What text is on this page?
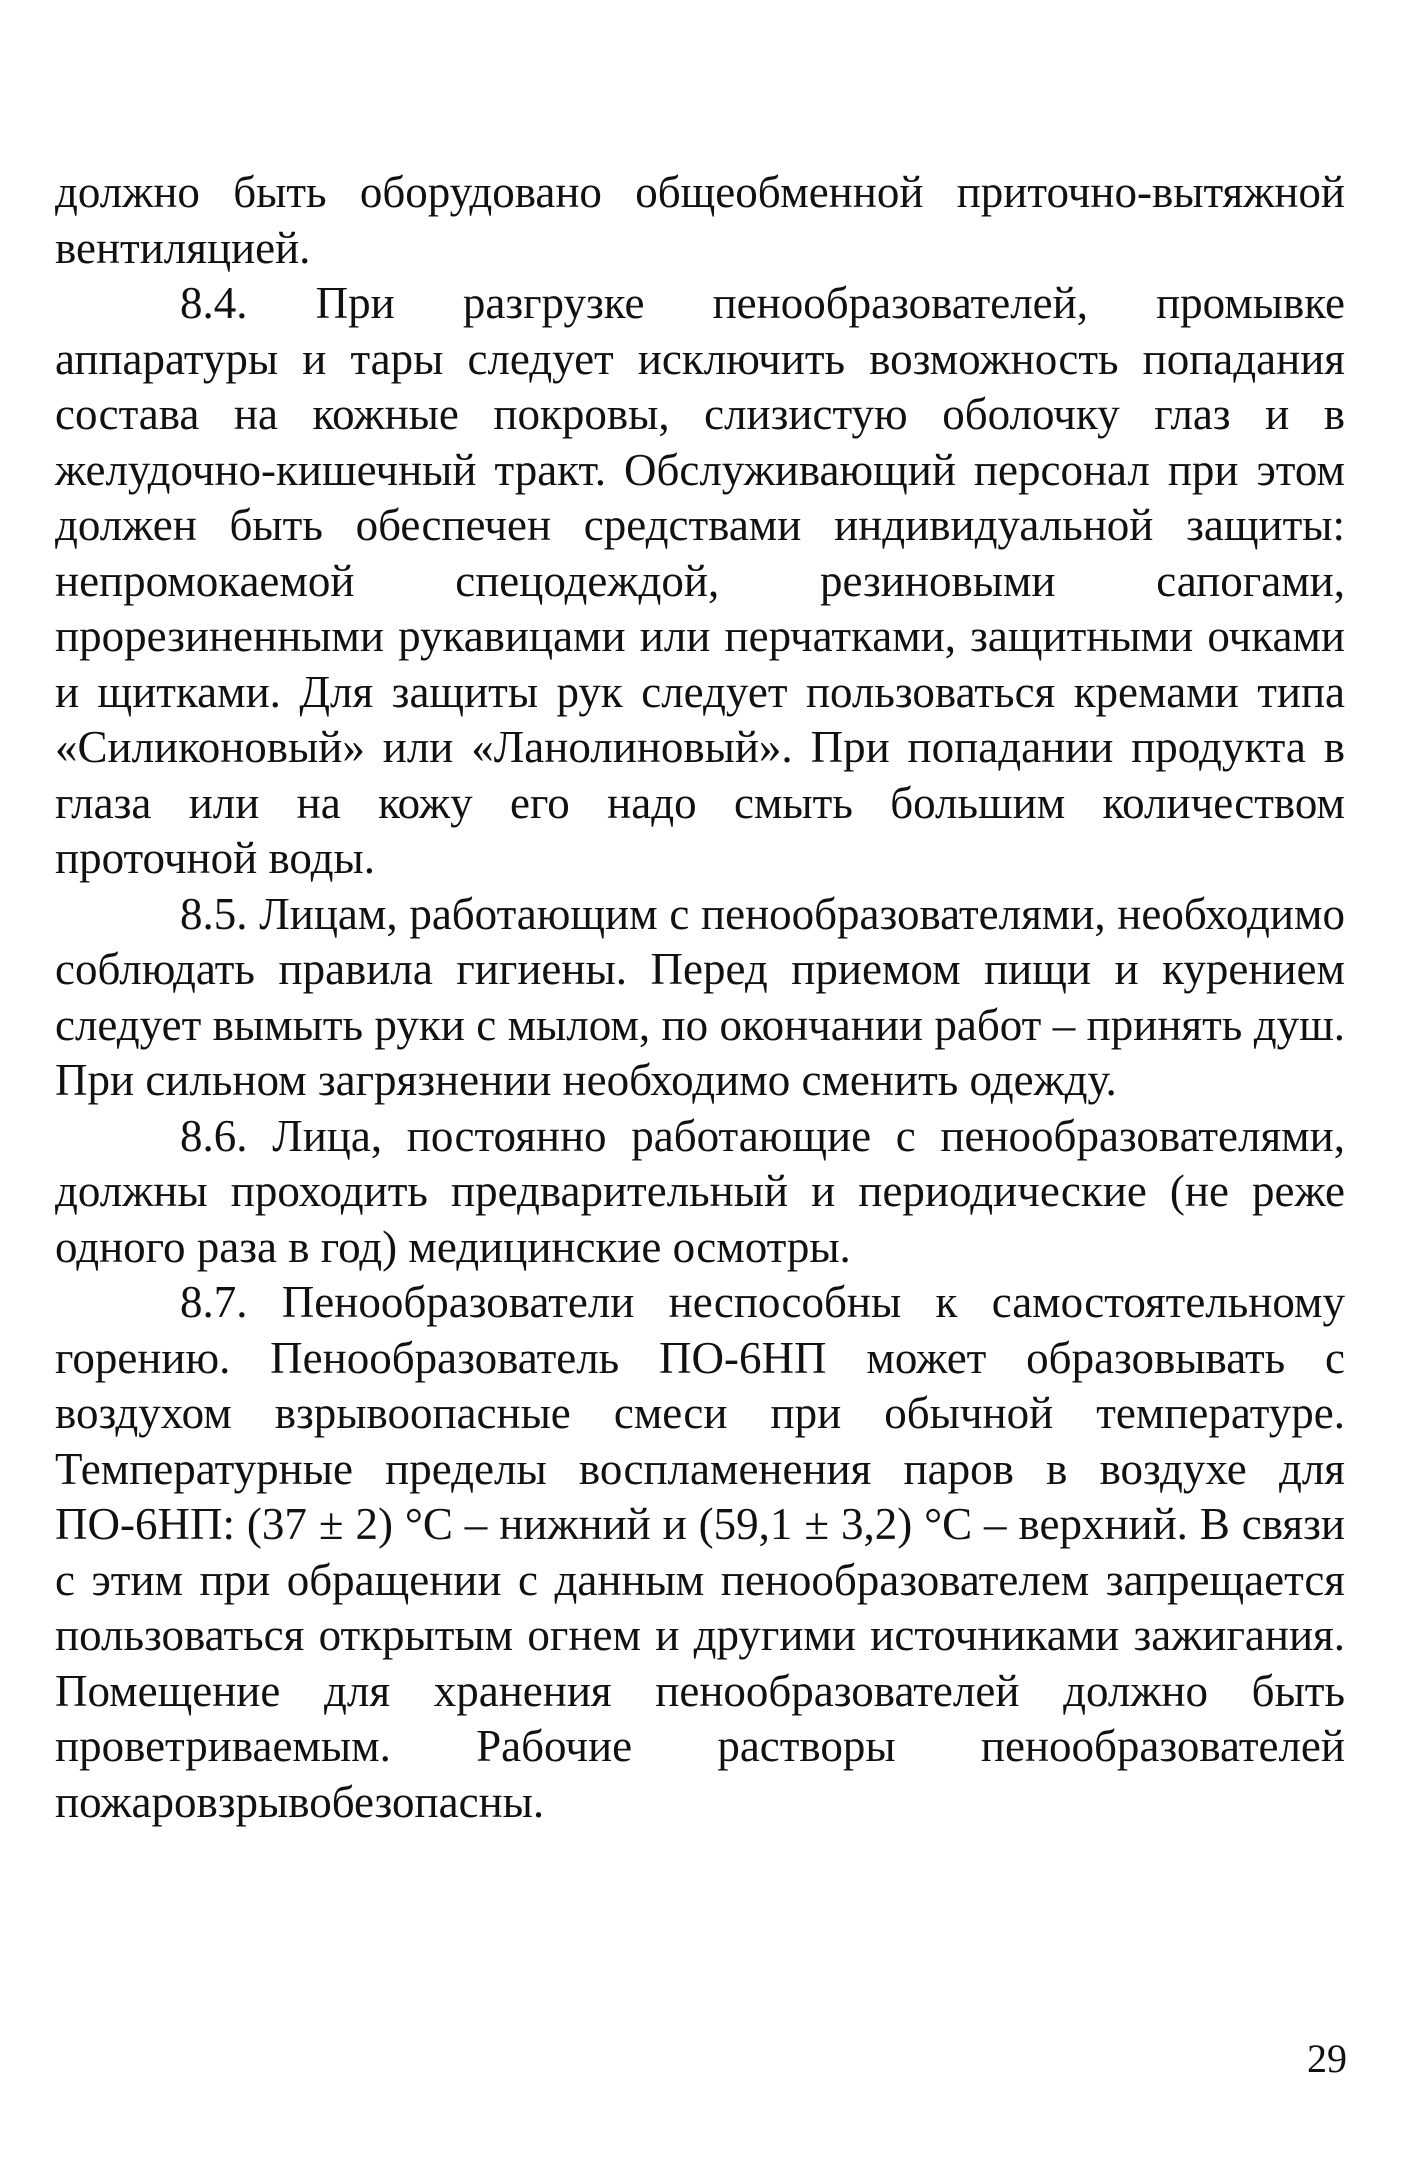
должно быть оборудовано общеобменной приточно-вытяжной вентиляцией.

8.4. При разгрузке пенообразователей, промывке аппаратуры и тары следует исключить возможность попадания состава на кожные покровы, слизистую оболочку глаз и в желудочно-кишечный тракт. Обслуживающий персонал при этом должен быть обеспечен средствами индивидуальной защиты: непромокаемой спецодеждой, резиновыми сапогами, прорезиненными рукавицами или перчатками, защитными очками и щитками. Для защиты рук следует пользоваться кремами типа «Силиконовый» или «Ланолиновый». При попадании продукта в глаза или на кожу его надо смыть большим количеством проточной воды.

8.5. Лицам, работающим с пенообразователями, необходимо соблюдать правила гигиены. Перед приемом пищи и курением следует вымыть руки с мылом, по окончании работ – принять душ. При сильном загрязнении необходимо сменить одежду.

8.6. Лица, постоянно работающие с пенообразователями, должны проходить предварительный и периодические (не реже одного раза в год) медицинские осмотры.

8.7. Пенообразователи неспособны к самостоятельному горению. Пенообразователь ПО-6НП может образовывать с воздухом взрывоопасные смеси при обычной температуре. Температурные пределы воспламенения паров в воздухе для ПО-6НП: (37 ± 2) °С – нижний и (59,1 ± 3,2) °С – верхний. В связи с этим при обращении с данным пенообразователем запрещается пользоваться открытым огнем и другими источниками зажигания. Помещение для хранения пенообразователей должно быть проветриваемым. Рабочие растворы пенообразователей пожаровзрывобезопасны.

29
